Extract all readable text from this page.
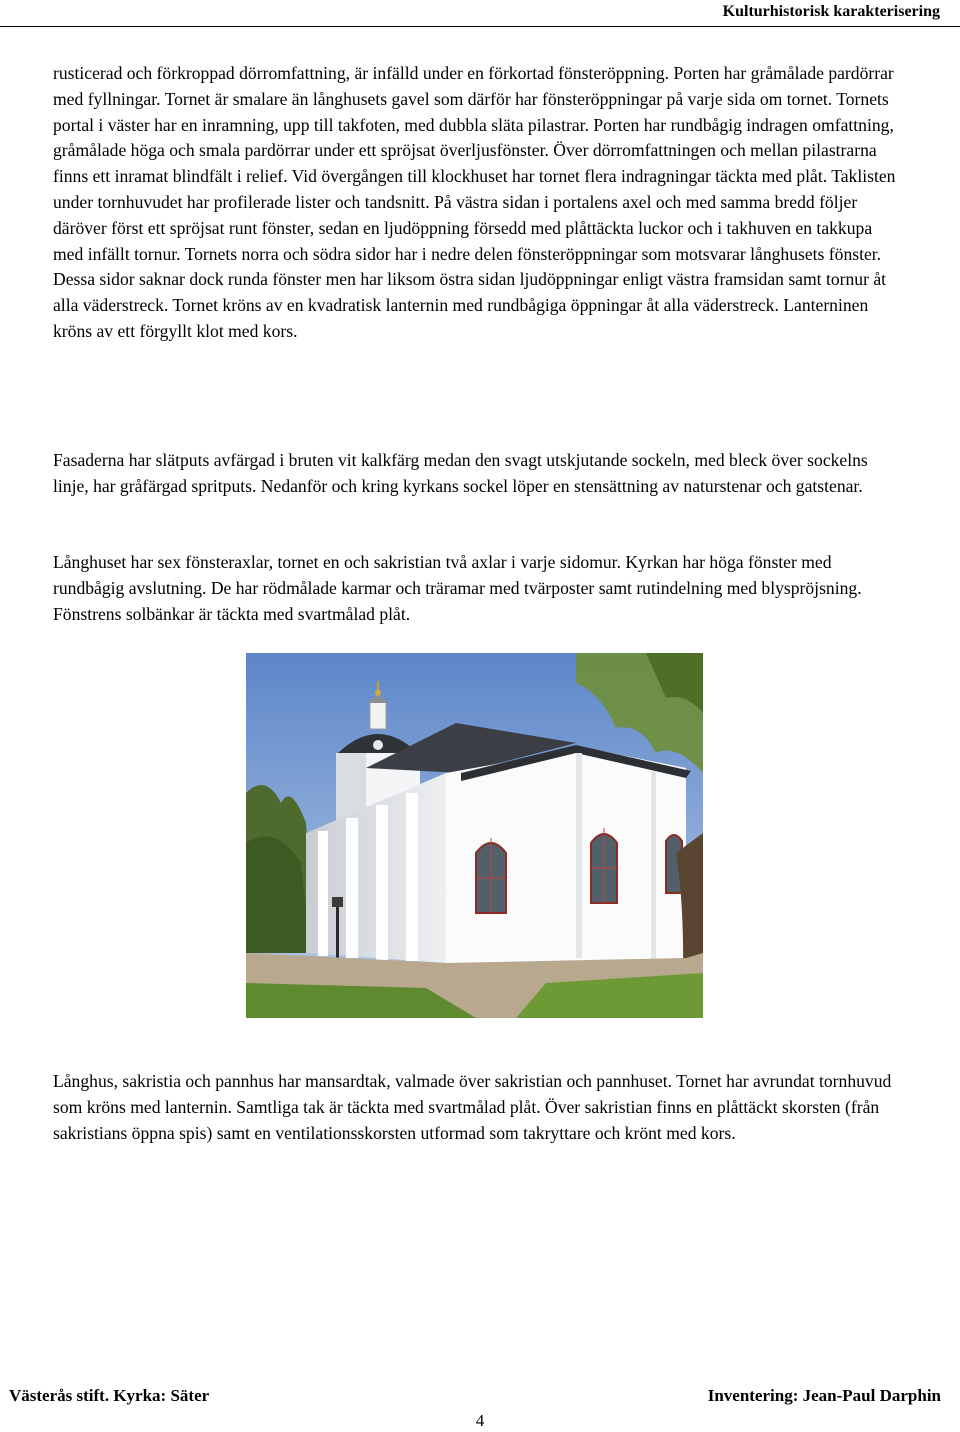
Kulturhistorisk karakterisering

rusticerad och förkroppad dörromfattning, är infälld under en förkortad fönsteröppning. Porten har gråmålade pardörrar med fyllningar. Tornet är smalare än långhusets gavel som därför har fönsteröppningar på varje sida om tornet. Tornets portal i väster har en inramning, upp till takfoten, med dubbla släta pilastrar. Porten har rundbågig indragen omfattning, gråmålade höga och smala pardörrar under ett spröjsat överljusfönster. Över dörromfattningen och mellan pilastrarna finns ett inramat blindfält i relief. Vid övergången till klockhuset har tornet flera indragningar täckta med plåt. Taklisten under tornhuvudet har profilerade lister och tandsnitt. På västra sidan i portalens axel och med samma bredd följer däröver först ett spröjsat runt fönster, sedan en ljudöppning försedd med plåttäckta luckor och i takhuven en takkupa med infällt tornur. Tornets norra och södra sidor har i nedre delen fönsteröppningar som motsvarar långhusets fönster. Dessa sidor saknar dock runda fönster men har liksom östra sidan ljudöppningar enligt västra framsidan samt tornur åt alla väderstreck. Tornet kröns av en kvadratisk lanternin med rundbågiga öppningar åt alla väderstreck. Lanterninen kröns av ett förgyllt klot med kors.

Fasaderna har slätputs avfärgad i bruten vit kalkfärg medan den svagt utskjutande sockeln, med bleck över sockelns linje, har gråfärgad spritputs. Nedanför och kring kyrkans sockel löper en stensättning av naturstenar och gatstenar.

Långhuset har sex fönsteraxlar, tornet en och sakristian två axlar i varje sidomur. Kyrkan har höga fönster med rundbågig avslutning. De har rödmålade karmar och träramar med tvärposter samt rutindelning med blyspröjsning. Fönstrens solbänkar är täckta med svartmålad plåt.

Långhus, sakristia och pannhus har mansardtak, valmade över sakristian och pannhuset. Tornet har avrundat tornhuvud som kröns med lanternin. Samtliga tak är täckta med svartmålad plåt. Över sakristian finns en plåttäckt skorsten (från sakristians öppna spis) samt en ventilationsskorsten utformad som takryttare och krönt med kors.

Västerås stift. Kyrka: Säter	Inventering: Jean-Paul Darphin
4
